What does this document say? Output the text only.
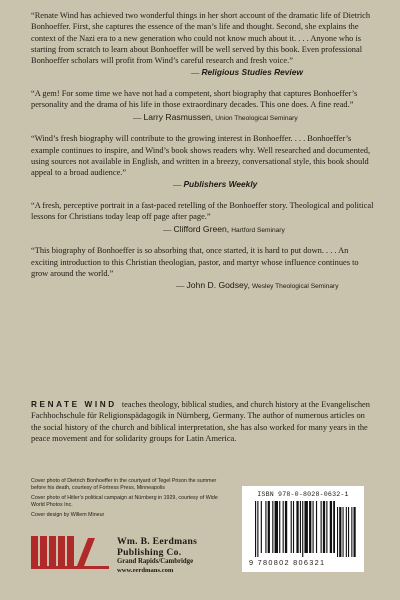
“Renate Wind has achieved two wonderful things in her short account of the dramatic life of Dietrich Bonhoeffer. First, she captures the essence of the man’s life and thought. Second, she explains the context of the Nazi era to a new generation who could not know much about it. . . . Anyone who is starting from scratch to learn about Bonhoeffer will be well served by this book. Even professional Bonhoeffer scholars will profit from Wind’s careful research and fresh voice.”

— Religious Studies Review

“A gem! For some time we have not had a competent, short biography that captures Bonhoeffer’s personality and the drama of his life in those extraordinary decades. This one does. A fine read.”

— Larry Rasmussen, Union Theological Seminary

“Wind’s fresh biography will contribute to the growing interest in Bonhoeffer. . . . Bonhoeffer’s example continues to inspire, and Wind’s book shows readers why. Well researched and documented, using sources not available in English, and written in a breezy, conversational style, this book should appeal to a broad audience.”

— Publishers Weekly

“A fresh, perceptive portrait in a fast-paced retelling of the Bonhoeffer story. Theological and political lessons for Christians today leap off page after page.”

— Clifford Green, Hartford Seminary

“This biography of Bonhoeffer is so absorbing that, once started, it is hard to put down. . . . An exciting introduction to this Christian theologian, pastor, and martyr whose influence continues to grow around the world.”

— John D. Godsey, Wesley Theological Seminary

RENATE WIND teaches theology, biblical studies, and church history at the Evangelischen Fachhochschule für Religionspädagogik in Nürnberg, Germany. The author of numerous articles on the social history of the church and biblical interpretation, she has also worked for many years in the peace movement and for solidarity groups for Latin America.

Cover photo of Dietrich Bonhoeffer in the courtyard of Tegel Prison the summer before his death, courtesy of Fortress Press, Minneapolis
Cover photo of Hitler’s political campaign at Nürnberg in 1929, courtesy of Wide World Photos Inc.
Cover design by Willem Mineur
Wm. B. Eerdmans
Publishing Co.
Grand Rapids/Cambridge
www.eerdmans.com
ISBN 978-0-8028-0632-1
9 780802 806321
